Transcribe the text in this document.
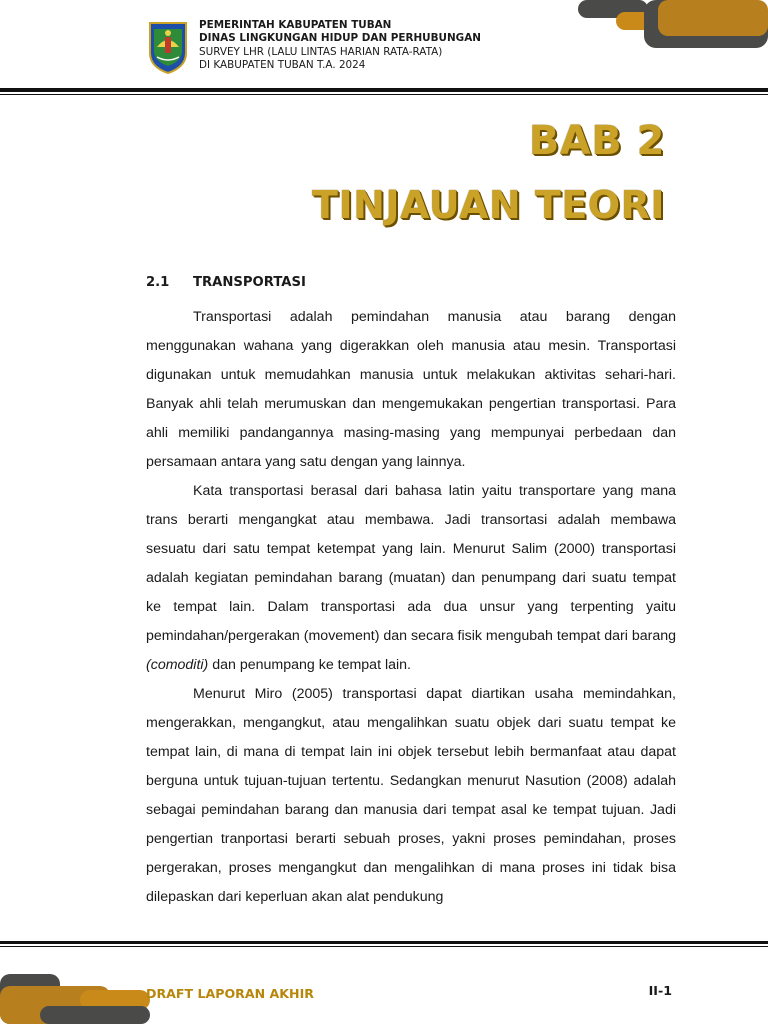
PEMERINTAH KABUPATEN TUBAN
DINAS LINGKUNGAN HIDUP DAN PERHUBUNGAN
SURVEY LHR (LALU LINTAS HARIAN RATA-RATA)
DI KABUPATEN TUBAN T.A. 2024
BAB 2
TINJAUAN TEORI
2.1 TRANSPORTASI

Transportasi adalah pemindahan manusia atau barang dengan menggunakan wahana yang digerakkan oleh manusia atau mesin. Transportasi digunakan untuk memudahkan manusia untuk melakukan aktivitas sehari-hari. Banyak ahli telah merumuskan dan mengemukakan pengertian transportasi. Para ahli memiliki pandangannya masing-masing yang mempunyai perbedaan dan persamaan antara yang satu dengan yang lainnya.

Kata transportasi berasal dari bahasa latin yaitu transportare yang mana trans berarti mengangkat atau membawa. Jadi transortasi adalah membawa sesuatu dari satu tempat ketempat yang lain. Menurut Salim (2000) transportasi adalah kegiatan pemindahan barang (muatan) dan penumpang dari suatu tempat ke tempat lain. Dalam transportasi ada dua unsur yang terpenting yaitu pemindahan/pergerakan (movement) dan secara fisik mengubah tempat dari barang (comoditi) dan penumpang ke tempat lain.

Menurut Miro (2005) transportasi dapat diartikan usaha memindahkan, mengerakkan, mengangkut, atau mengalihkan suatu objek dari suatu tempat ke tempat lain, di mana di tempat lain ini objek tersebut lebih bermanfaat atau dapat berguna untuk tujuan-tujuan tertentu. Sedangkan menurut Nasution (2008) adalah sebagai pemindahan barang dan manusia dari tempat asal ke tempat tujuan. Jadi pengertian tranportasi berarti sebuah proses, yakni proses pemindahan, proses pergerakan, proses mengangkut dan mengalihkan di mana proses ini tidak bisa dilepaskan dari keperluan akan alat pendukung

DRAFT LAPORAN AKHIR	II-1
